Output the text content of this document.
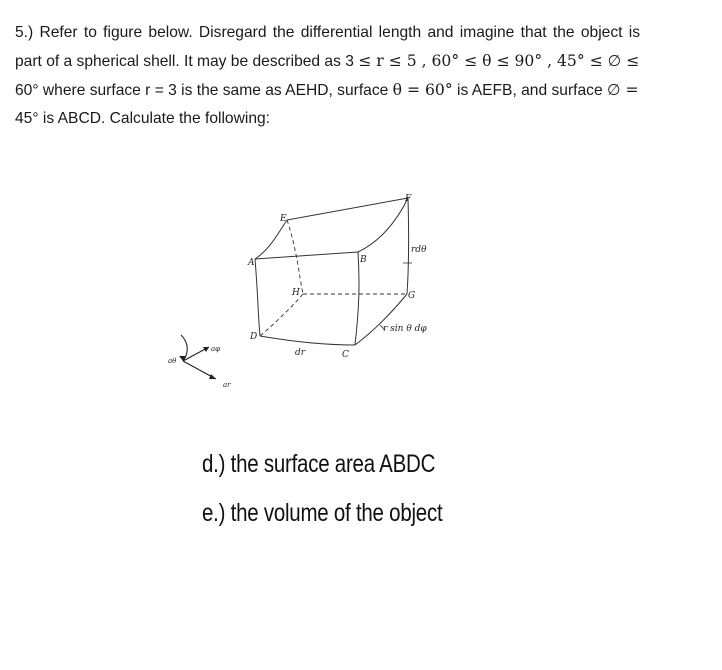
5.) Refer to figure below. Disregard the differential length and imagine that the object is
part of a spherical shell. It may be described as 3 ≤ r ≤ 5 , 60° ≤ θ ≤ 90° , 45° ≤ ∅ ≤
60° where surface r = 3 is the same as AEHD, surface θ = 60° is AEFB, and surface ∅ =
45° is ABCD. Calculate the following:
A	B
C
D
E
F
G
H
rdθ
r sin θ dφ
dr
aφ
aθ
ar
d.) the surface area ABDC
e.) the volume of the object
